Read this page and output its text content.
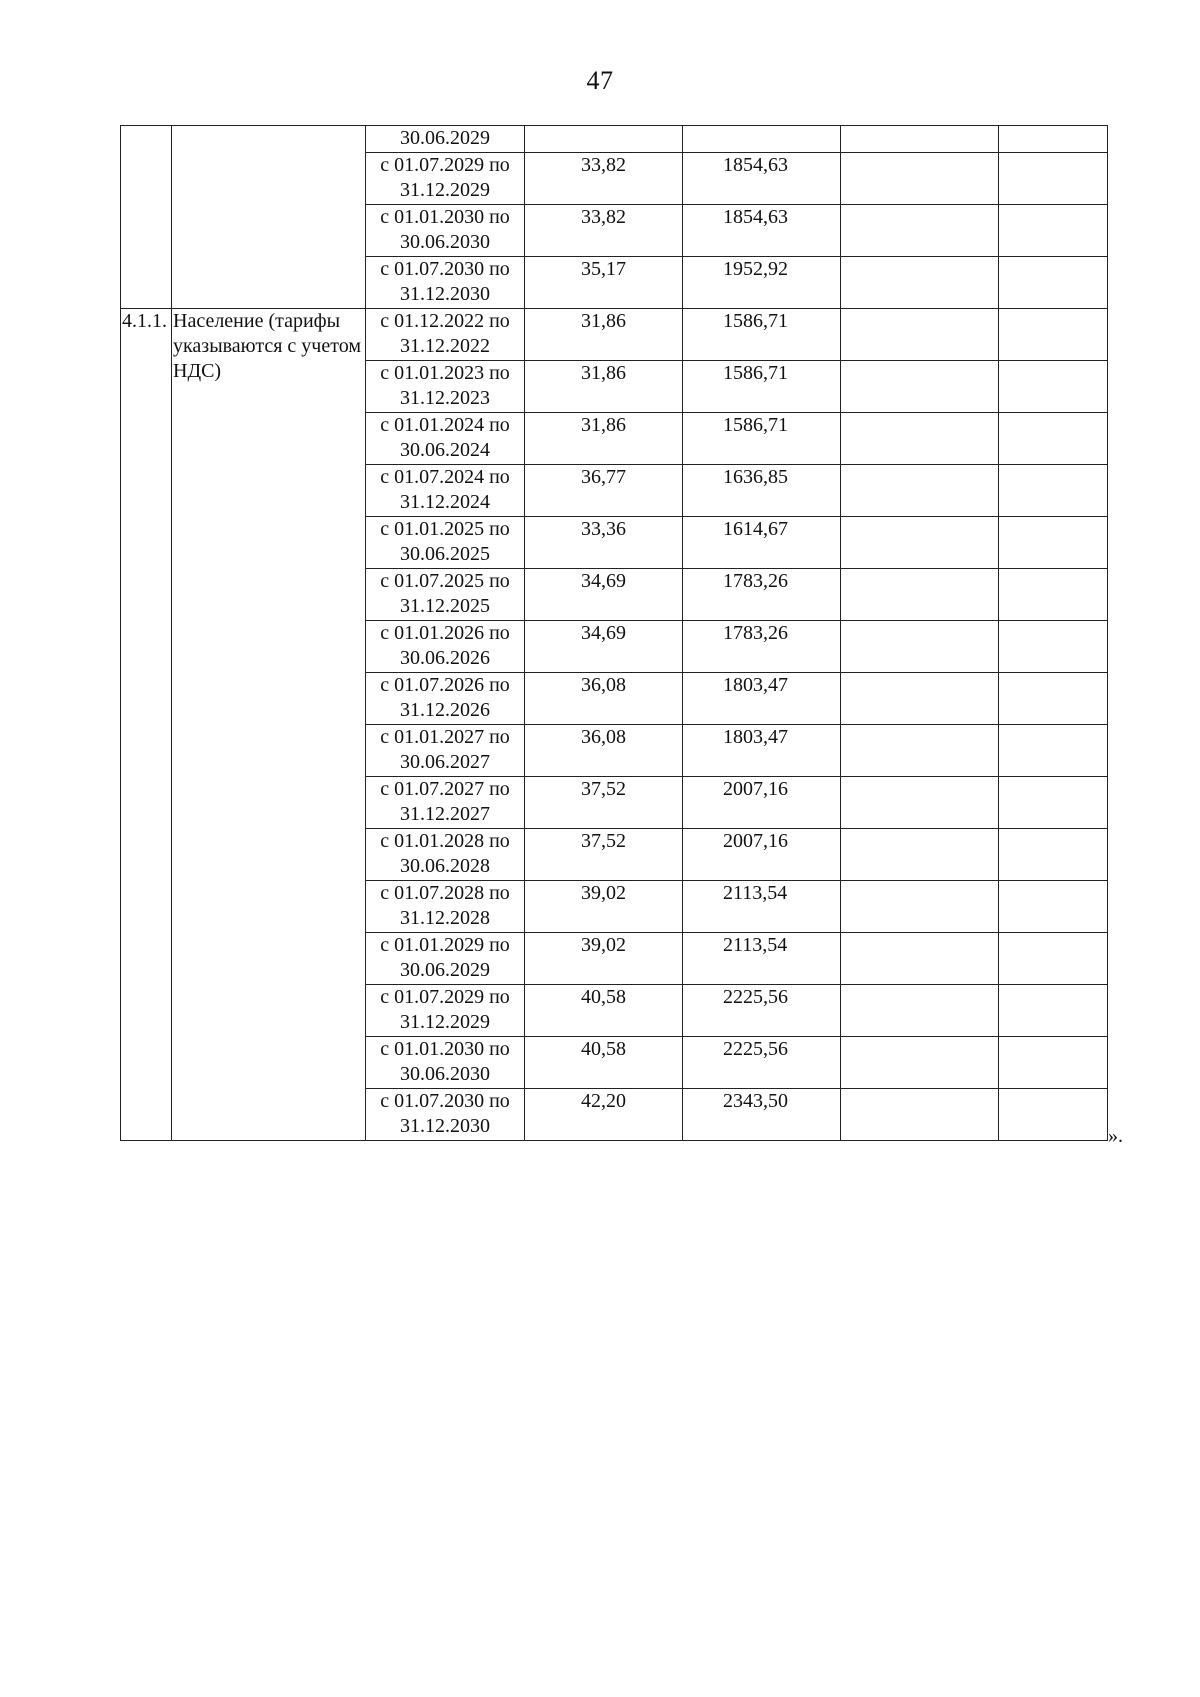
47
		30.06.2029		

		с 01.07.2029 по 31.12.2029	33,82	1854,63		

		с 01.01.2030 по 30.06.2030	33,82	1854,63		

		с 01.07.2030 по 31.12.2030	35,17	1952,92		

4.1.1.	Население (тарифы указываются с учетом НДС)	с 01.12.2022 по 31.12.2022	31,86	1586,71		

		с 01.01.2023 по 31.12.2023	31,86	1586,71		

		с 01.01.2024 по 30.06.2024	31,86	1586,71		

		с 01.07.2024 по 31.12.2024	36,77	1636,85		

		с 01.01.2025 по 30.06.2025	33,36	1614,67		

		с 01.07.2025 по 31.12.2025	34,69	1783,26		

		с 01.01.2026 по 30.06.2026	34,69	1783,26		

		с 01.07.2026 по 31.12.2026	36,08	1803,47		

		с 01.01.2027 по 30.06.2027	36,08	1803,47		

		с 01.07.2027 по 31.12.2027	37,52	2007,16		

		с 01.01.2028 по 30.06.2028	37,52	2007,16		

		с 01.07.2028 по 31.12.2028	39,02	2113,54		

		с 01.01.2029 по 30.06.2029	39,02	2113,54		

		с 01.07.2029 по 31.12.2029	40,58	2225,56		

		с 01.01.2030 по 30.06.2030	40,58	2225,56		

		с 01.07.2030 по 31.12.2030	42,20	2343,50		

».
